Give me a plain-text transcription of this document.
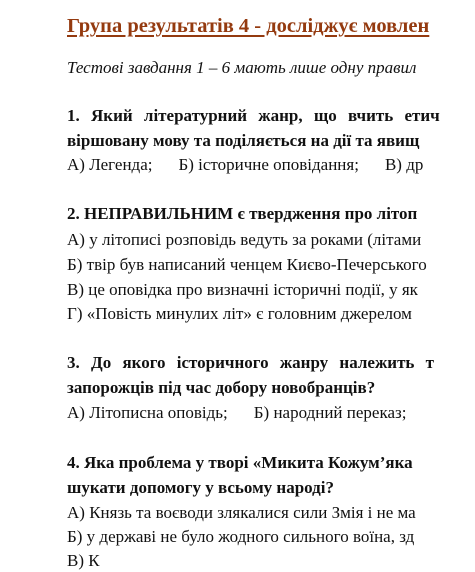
Група результатів 4 - досліджує мовлен
Тестові завдання 1 – 6 мають лише одну правил
1. Який літературний жанр, що вчить етич
віршовану мову та поділяється на дії та явищ
А) Легенда; Б) історичне оповідання; В) др
2. НЕПРАВИЛЬНИМ є твердження про літоп
А) у літописі розповідь ведуть за роками (літами
Б) твір був написаний ченцем Києво-Печерського
В) це оповідка про визначні історичні події, у як
Г) «Повість минулих літ» є головним джерелом
3. До якого історичного жанру належить т
запорожців під час добору новобранців?
А) Літописна оповідь; Б) народний переказ;
4. Яка проблема у творі «Микита Кожум’яка
шукати допомогу у всьому народі?
А) Князь та воєводи злякалися сили Змія і не ма
Б) у державі не було жодного сильного воїна, зд
В) К
